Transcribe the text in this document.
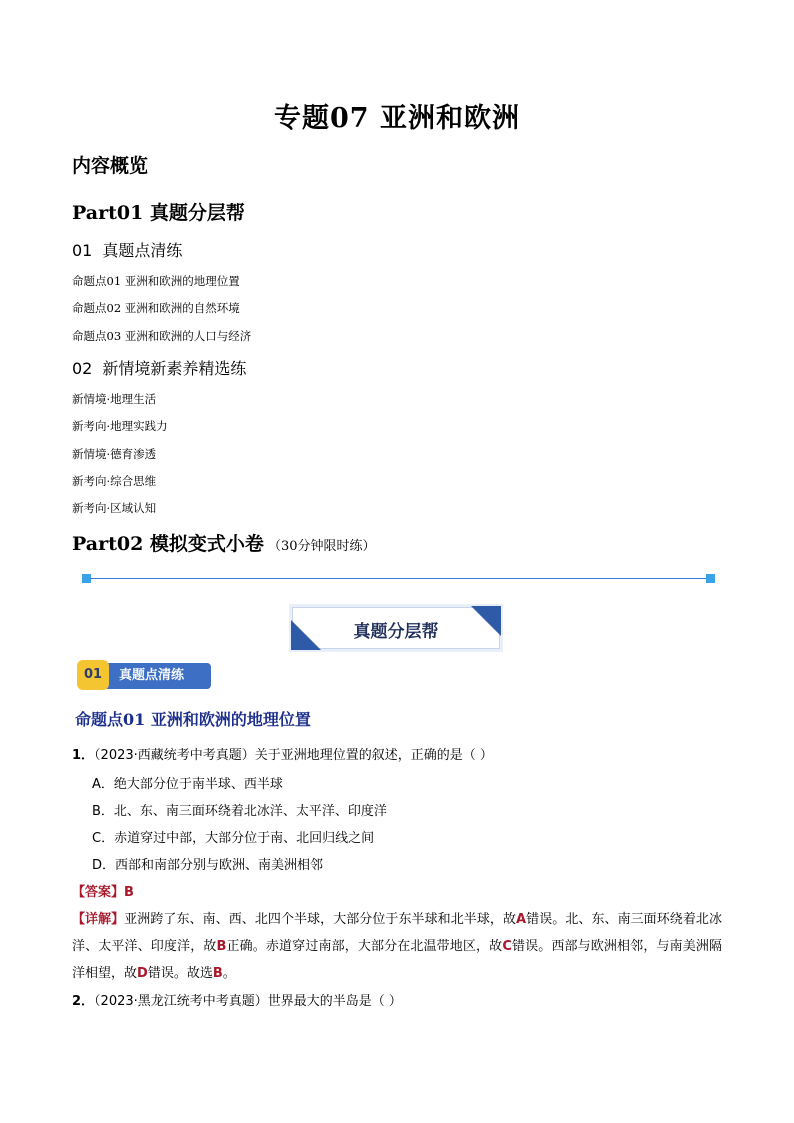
专题07 亚洲和欧洲
内容概览
Part01 真题分层帮
01 真题点清练
命题点01 亚洲和欧洲的地理位置
命题点02 亚洲和欧洲的自然环境
命题点03 亚洲和欧洲的人口与经济
02 新情境新素养精选练
新情境·地理生活
新考向·地理实践力
新情境·德育渗透
新考向·综合思维
新考向·区域认知
Part02 模拟变式小卷 （30分钟限时练）
真题分层帮
真题点清练
01
命题点01 亚洲和欧洲的地理位置
1．（2023·西藏统考中考真题）关于亚洲地理位置的叙述，正确的是（ ）
A．绝大部分位于南半球、西半球
B．北、东、南三面环绕着北冰洋、太平洋、印度洋
C．赤道穿过中部，大部分位于南、北回归线之间
D．西部和南部分别与欧洲、南美洲相邻
【答案】B
【详解】亚洲跨了东、南、西、北四个半球，大部分位于东半球和北半球，故A错误。北、东、南三面环绕着北冰洋、太平洋、印度洋，故B正确。赤道穿过南部，大部分在北温带地区，故C错误。西部与欧洲相邻，与南美洲隔洋相望，故D错误。故选B。
2．（2023·黑龙江统考中考真题）世界最大的半岛是（ ）
